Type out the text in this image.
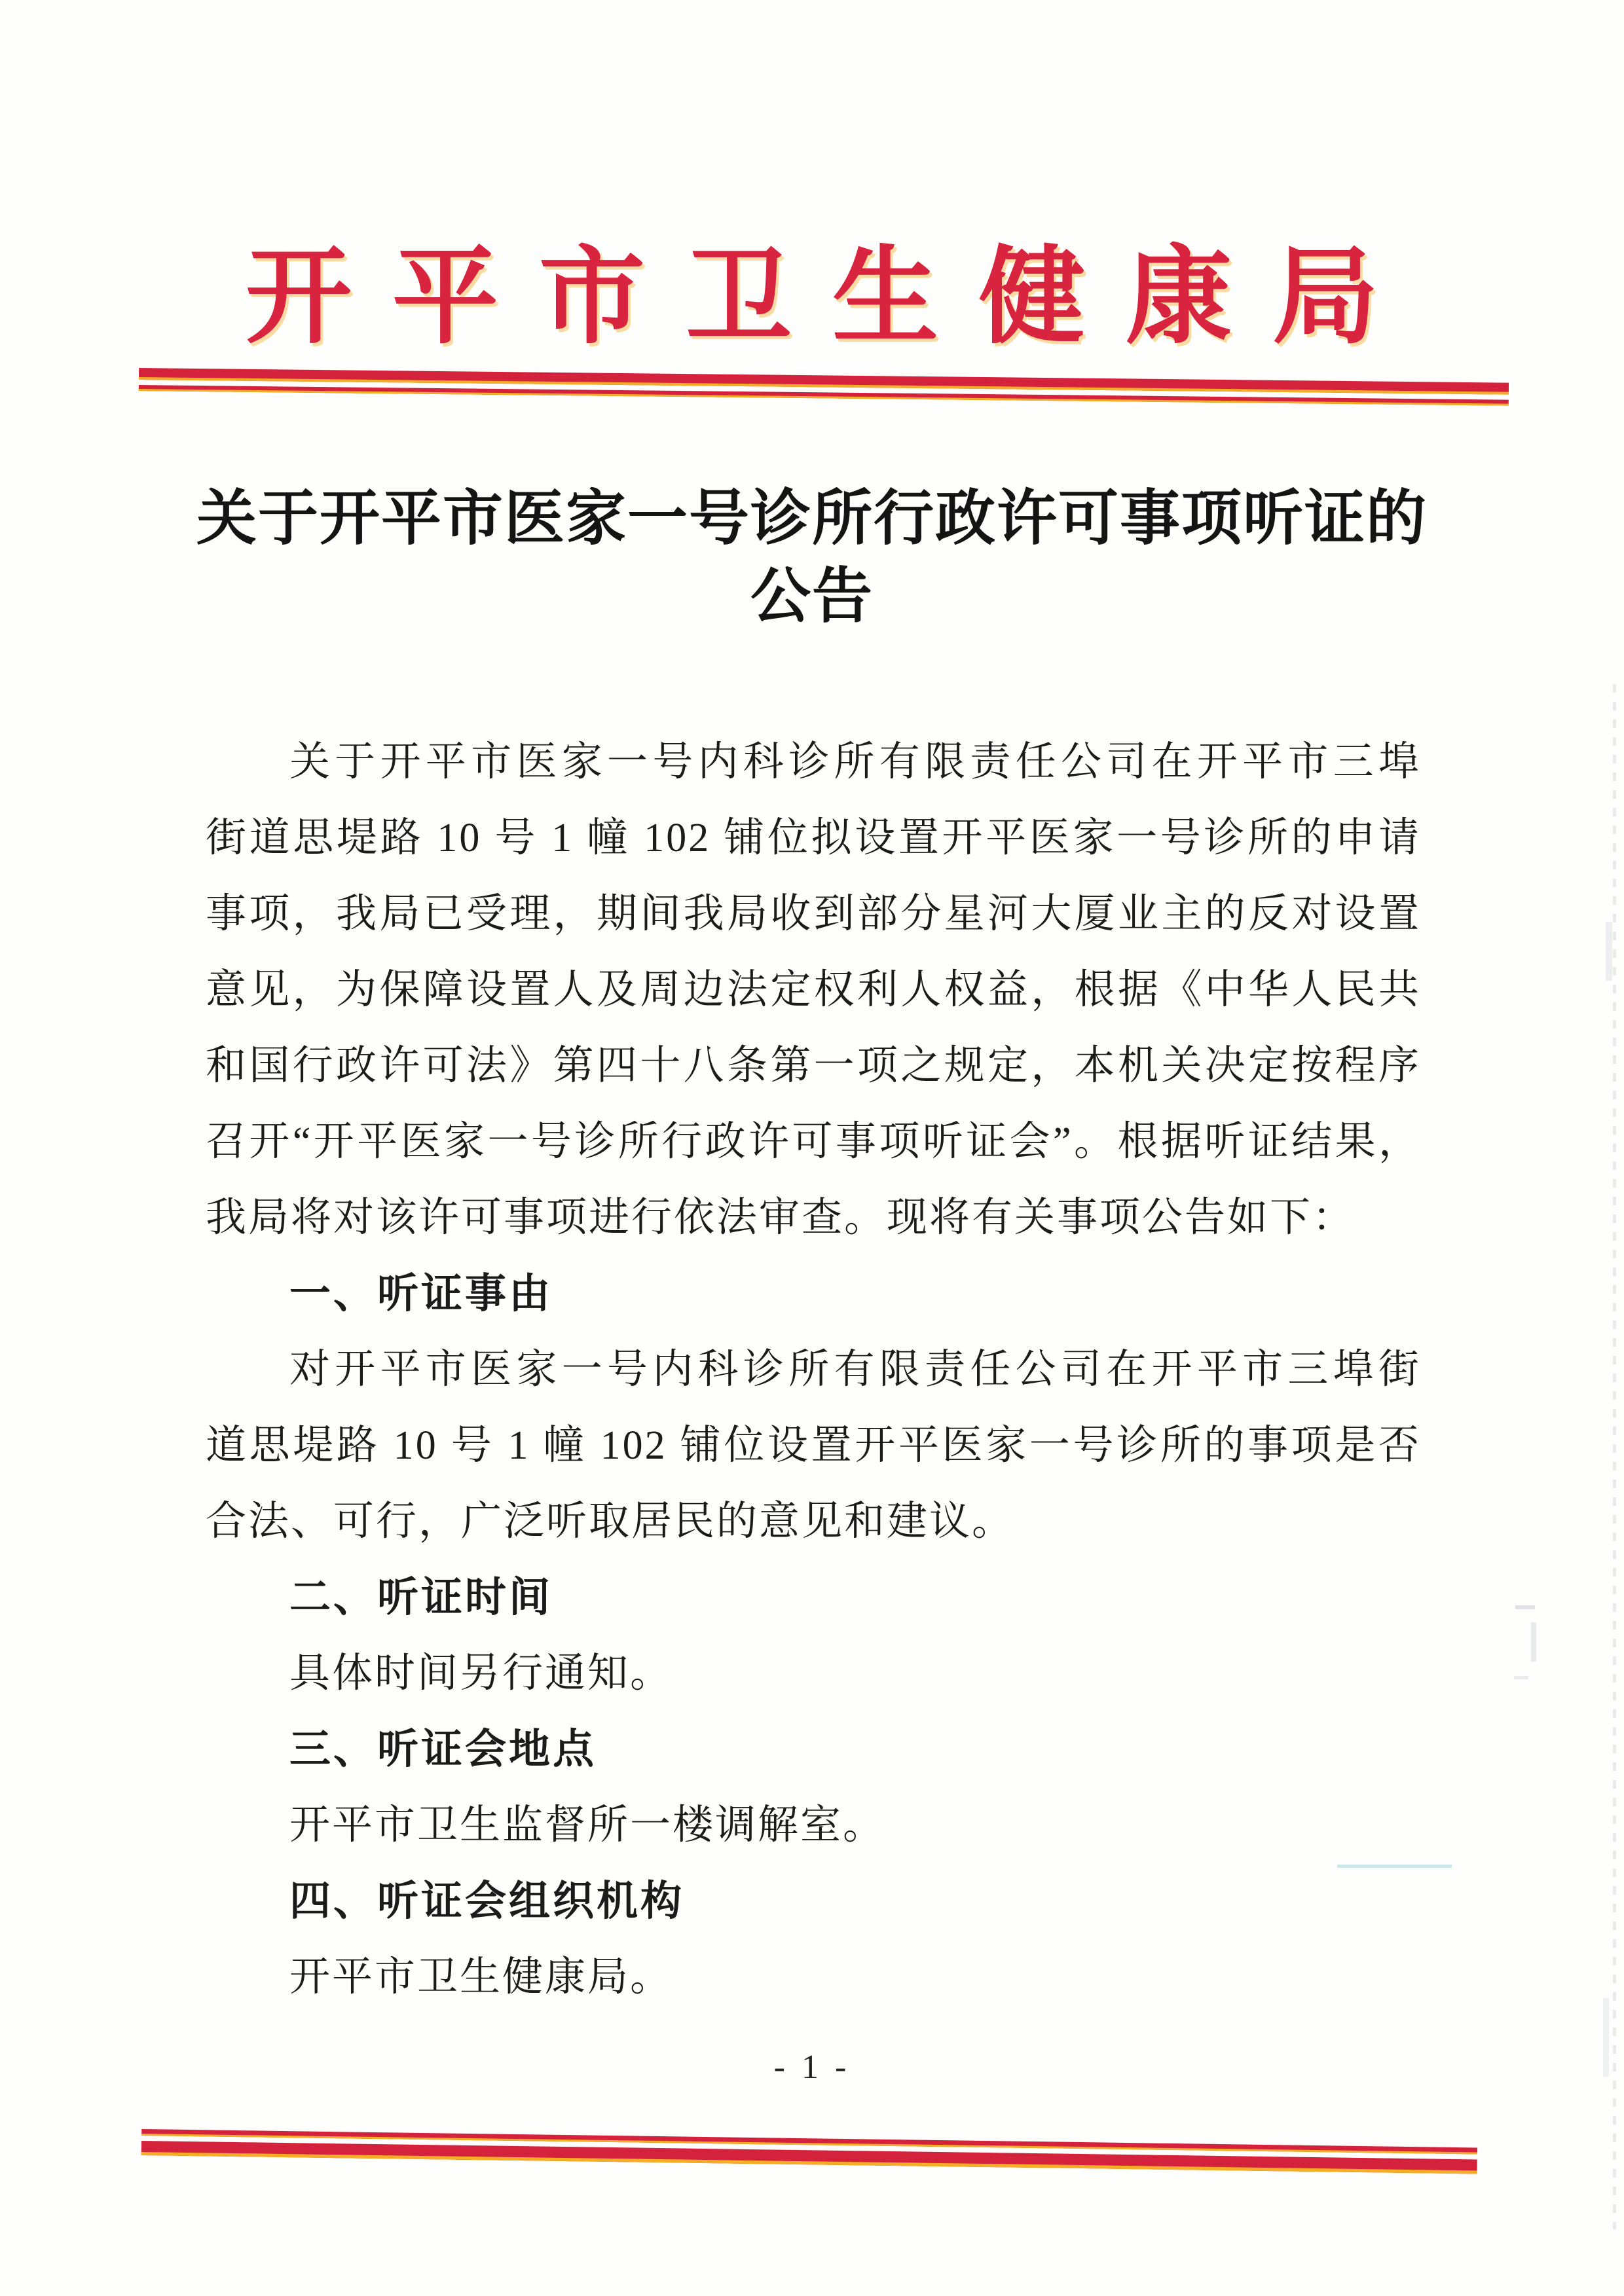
开平市卫生健康局
关于开平市医家一号诊所行政许可事项听证的
公告
关于开平市医家一号内科诊所有限责任公司在开平市三埠
街道思堤路 10 号 1 幢 102 铺位拟设置开平医家一号诊所的申请
事项，我局已受理，期间我局收到部分星河大厦业主的反对设置
意见，为保障设置人及周边法定权利人权益，根据《中华人民共
和国行政许可法》第四十八条第一项之规定，本机关决定按程序
召开“开平医家一号诊所行政许可事项听证会”。根据听证结果，
我局将对该许可事项进行依法审查。现将有关事项公告如下：
一、听证事由
对开平市医家一号内科诊所有限责任公司在开平市三埠街
道思堤路 10 号 1 幢 102 铺位设置开平医家一号诊所的事项是否
合法、可行，广泛听取居民的意见和建议。
二、听证时间
具体时间另行通知。
三、听证会地点
开平市卫生监督所一楼调解室。
四、听证会组织机构
开平市卫生健康局。
- 1 -
